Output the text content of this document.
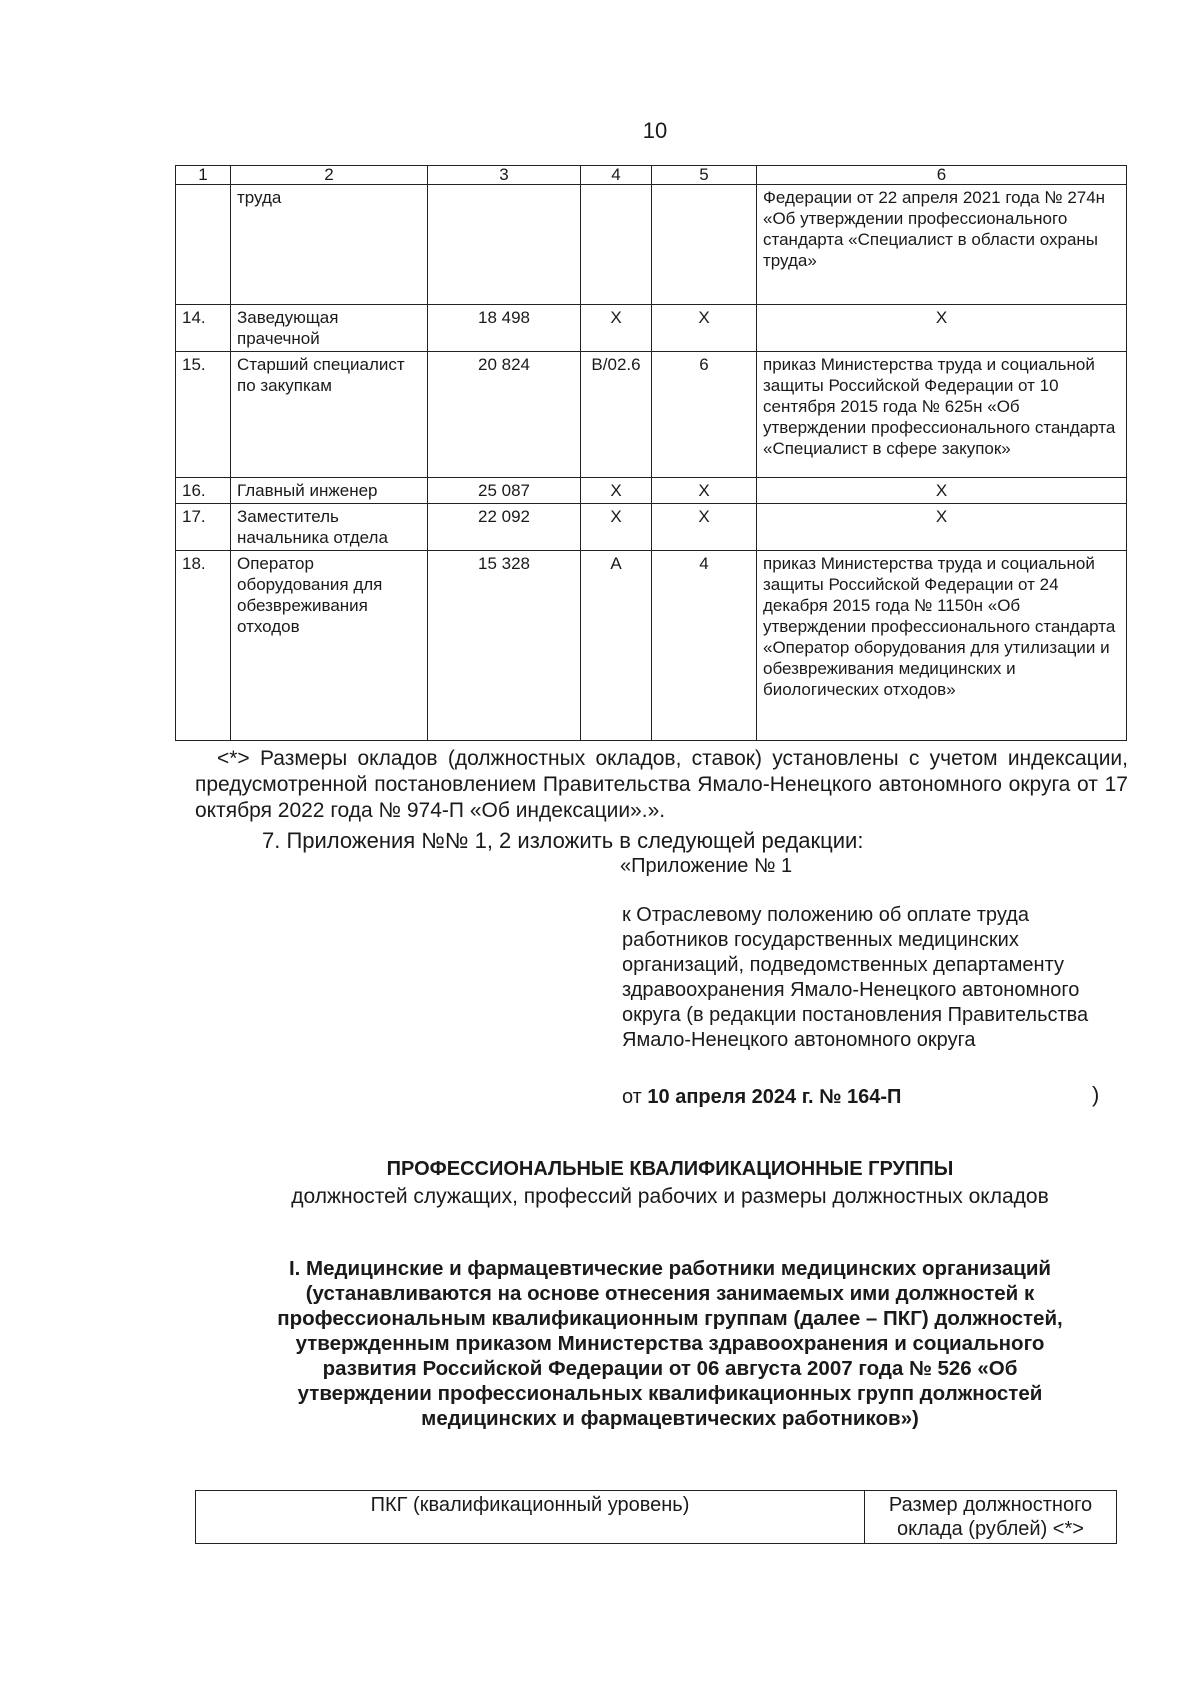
10
1	2	3	4	5	6
	труда				Федерации от 22 апреля 2021 года № 274н «Об утверждении профессионального стандарта «Специалист в области охраны труда»
14.	Заведующая прачечной	18 498	Х	Х	Х
15.	Старший специалист по закупкам	20 824	В/02.6	6	приказ Министерства труда и социальной защиты Российской Федерации от 10 сентября 2015 года № 625н «Об утверждении профессионального стандарта «Специалист в сфере закупок»
16.	Главный инженер	25 087	Х	Х	Х
17.	Заместитель начальника отдела	22 092	Х	Х	Х
18.	Оператор оборудования для обезвреживания отходов	15 328	А	4	приказ Министерства труда и социальной защиты Российской Федерации от 24 декабря 2015 года № 1150н «Об утверждении профессионального стандарта «Оператор оборудования для утилизации и обезвреживания медицинских и биологических отходов»
<*> Размеры окладов (должностных окладов, ставок) установлены с учетом индексации, предусмотренной постановлением Правительства Ямало-Ненецкого автономного округа от 17 октября 2022 года № 974-П «Об индексации».».
7. Приложения №№ 1, 2 изложить в следующей редакции:
«Приложение № 1
к Отраслевому положению об оплате труда работников государственных медицинских организаций, подведомственных департаменту здравоохранения Ямало-Ненецкого автономного округа (в редакции постановления Правительства Ямало-Ненецкого автономного округа
от 10 апреля 2024 г. № 164-П	)
ПРОФЕССИОНАЛЬНЫЕ КВАЛИФИКАЦИОННЫЕ ГРУППЫ
должностей служащих, профессий рабочих и размеры должностных окладов
I. Медицинские и фармацевтические работники медицинских организаций (устанавливаются на основе отнесения занимаемых ими должностей к профессиональным квалификационным группам (далее – ПКГ) должностей, утвержденным приказом Министерства здравоохранения и социального развития Российской Федерации от 06 августа 2007 года № 526 «Об утверждении профессиональных квалификационных групп должностей медицинских и фармацевтических работников»)
ПКГ (квалификационный уровень)	Размер должностного оклада (рублей) <*>
